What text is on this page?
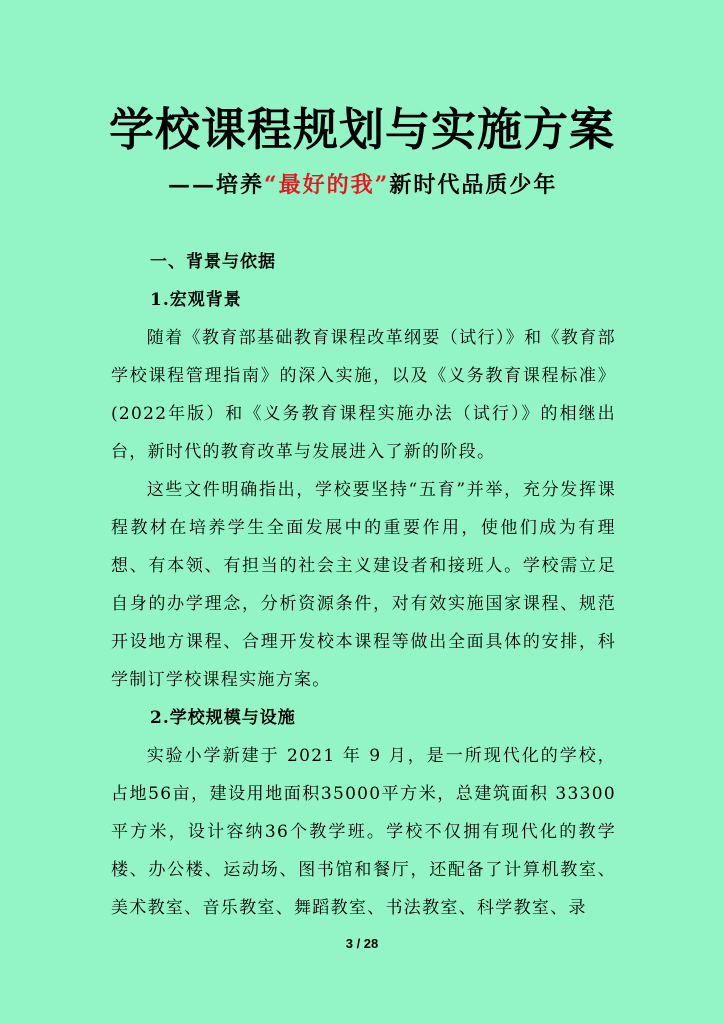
学校课程规划与实施方案
——培养“最好的我”新时代品质少年
一、背景与依据
1.宏观背景
随着《教育部基础教育课程改革纲要（试行）》和《教育部学校课程管理指南》的深入实施，以及《义务教育课程标准》(2022年版）和《义务教育课程实施办法（试行）》的相继出台，新时代的教育改革与发展进入了新的阶段。
这些文件明确指出，学校要坚持“五育”并举，充分发挥课程教材在培养学生全面发展中的重要作用，使他们成为有理想、有本领、有担当的社会主义建设者和接班人。学校需立足自身的办学理念，分析资源条件，对有效实施国家课程、规范开设地方课程、合理开发校本课程等做出全面具体的安排，科学制订学校课程实施方案。
2.学校规模与设施
实验小学新建于 2021 年 9 月，是一所现代化的学校，占地56亩，建设用地面积35000平方米，总建筑面积 33300平方米，设计容纳36个教学班。学校不仅拥有现代化的教学楼、办公楼、运动场、图书馆和餐厅，还配备了计算机教室、美术教室、音乐教室、舞蹈教室、书法教室、科学教室、录
3 / 28
